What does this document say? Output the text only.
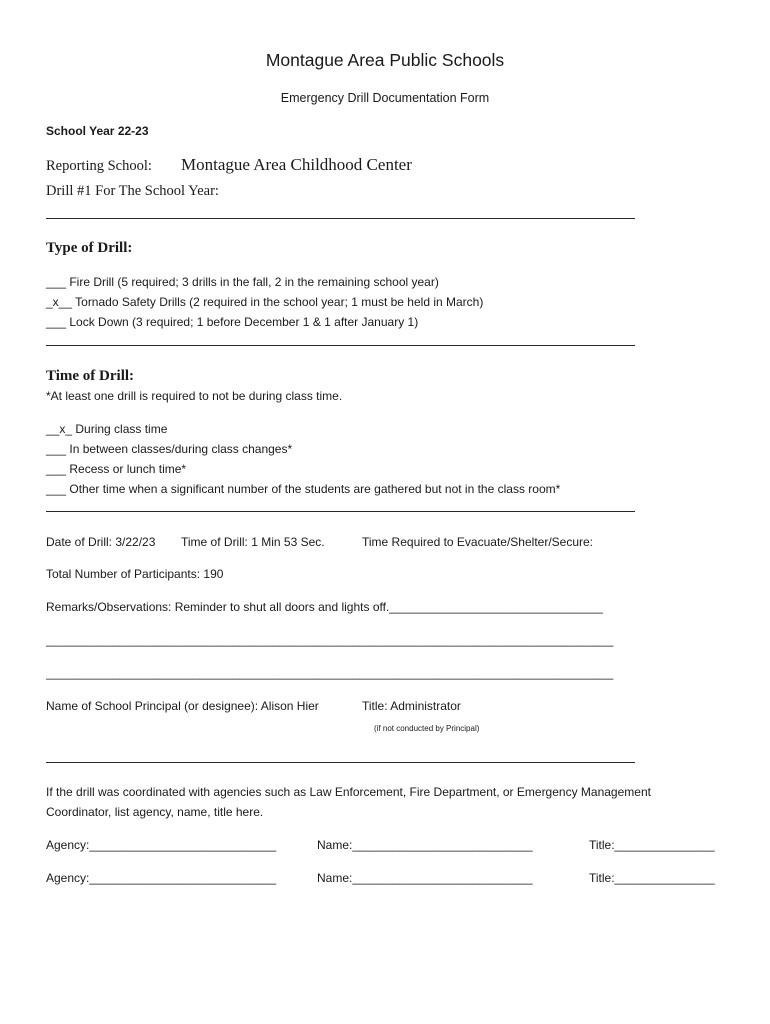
Montague Area Public Schools
Emergency Drill Documentation Form
School Year 22-23
Reporting School: Montague Area Childhood Center
Drill #1 For The School Year:
Type of Drill:
___ Fire Drill (5 required; 3 drills in the fall, 2 in the remaining school year)
_x__ Tornado Safety Drills (2 required in the school year; 1 must be held in March)
___ Lock Down (3 required; 1 before December 1 & 1 after January 1)
Time of Drill:
*At least one drill is required to not be during class time.
__x_ During class time
___ In between classes/during class changes*
___ Recess or lunch time*
___ Other time when a significant number of the students are gathered but not in the class room*
Date of Drill: 3/22/23 Time of Drill: 1 Min 53 Sec.	Time Required to Evacuate/Shelter/Secure:
Total Number of Participants: 190
Remarks/Observations: Reminder to shut all doors and lights off.________________________________
_____________________________________________________________________________________
_____________________________________________________________________________________
Name of School Principal (or designee): Alison Hier	Title: Administrator
(if not conducted by Principal)
If the drill was coordinated with agencies such as Law Enforcement, Fire Department, or Emergency Management
Coordinator, list agency, name, title here.
Agency:____________________________	Name:___________________________	Title:_______________
Agency:____________________________	Name:___________________________	Title:_______________
